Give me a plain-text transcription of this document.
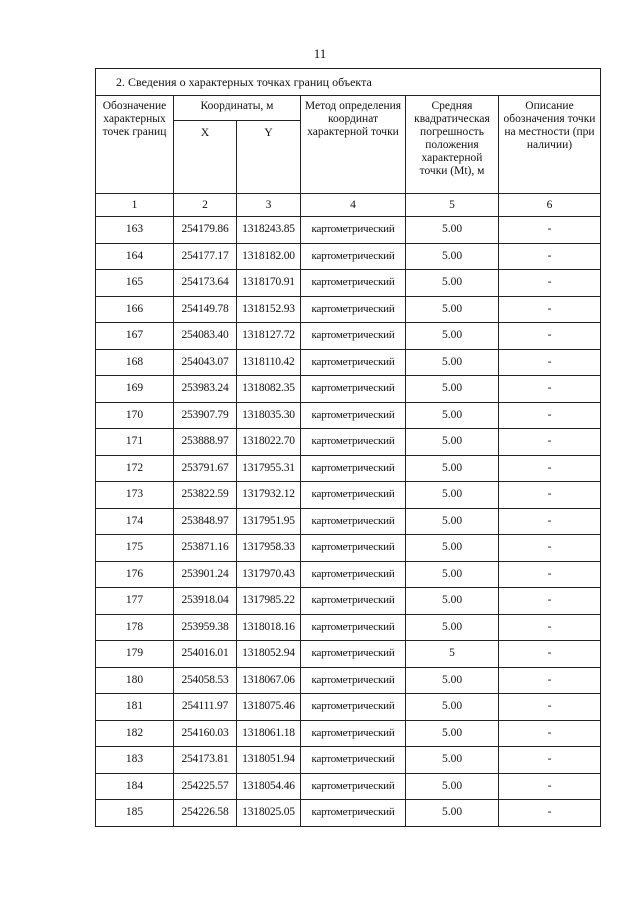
11
2. Сведения о характерных точках границ объекта					
Обозначение характерных точек границ	Координаты, м		Метод определения координат характерной точки	Средняя квадратическая погрешность положения характерной точки (Mt), м	Описание обозначения точки на местности (при наличии)
	X	Y			
1	2	3	4	5	6
163	254179.86	1318243.85	картометрический	5.00	-
164	254177.17	1318182.00	картометрический	5.00	-
165	254173.64	1318170.91	картометрический	5.00	-
166	254149.78	1318152.93	картометрический	5.00	-
167	254083.40	1318127.72	картометрический	5.00	-
168	254043.07	1318110.42	картометрический	5.00	-
169	253983.24	1318082.35	картометрический	5.00	-
170	253907.79	1318035.30	картометрический	5.00	-
171	253888.97	1318022.70	картометрический	5.00	-
172	253791.67	1317955.31	картометрический	5.00	-
173	253822.59	1317932.12	картометрический	5.00	-
174	253848.97	1317951.95	картометрический	5.00	-
175	253871.16	1317958.33	картометрический	5.00	-
176	253901.24	1317970.43	картометрический	5.00	-
177	253918.04	1317985.22	картометрический	5.00	-
178	253959.38	1318018.16	картометрический	5.00	-
179	254016.01	1318052.94	картометрический	5	-
180	254058.53	1318067.06	картометрический	5.00	-
181	254111.97	1318075.46	картометрический	5.00	-
182	254160.03	1318061.18	картометрический	5.00	-
183	254173.81	1318051.94	картометрический	5.00	-
184	254225.57	1318054.46	картометрический	5.00	-
185	254226.58	1318025.05	картометрический	5.00	-
